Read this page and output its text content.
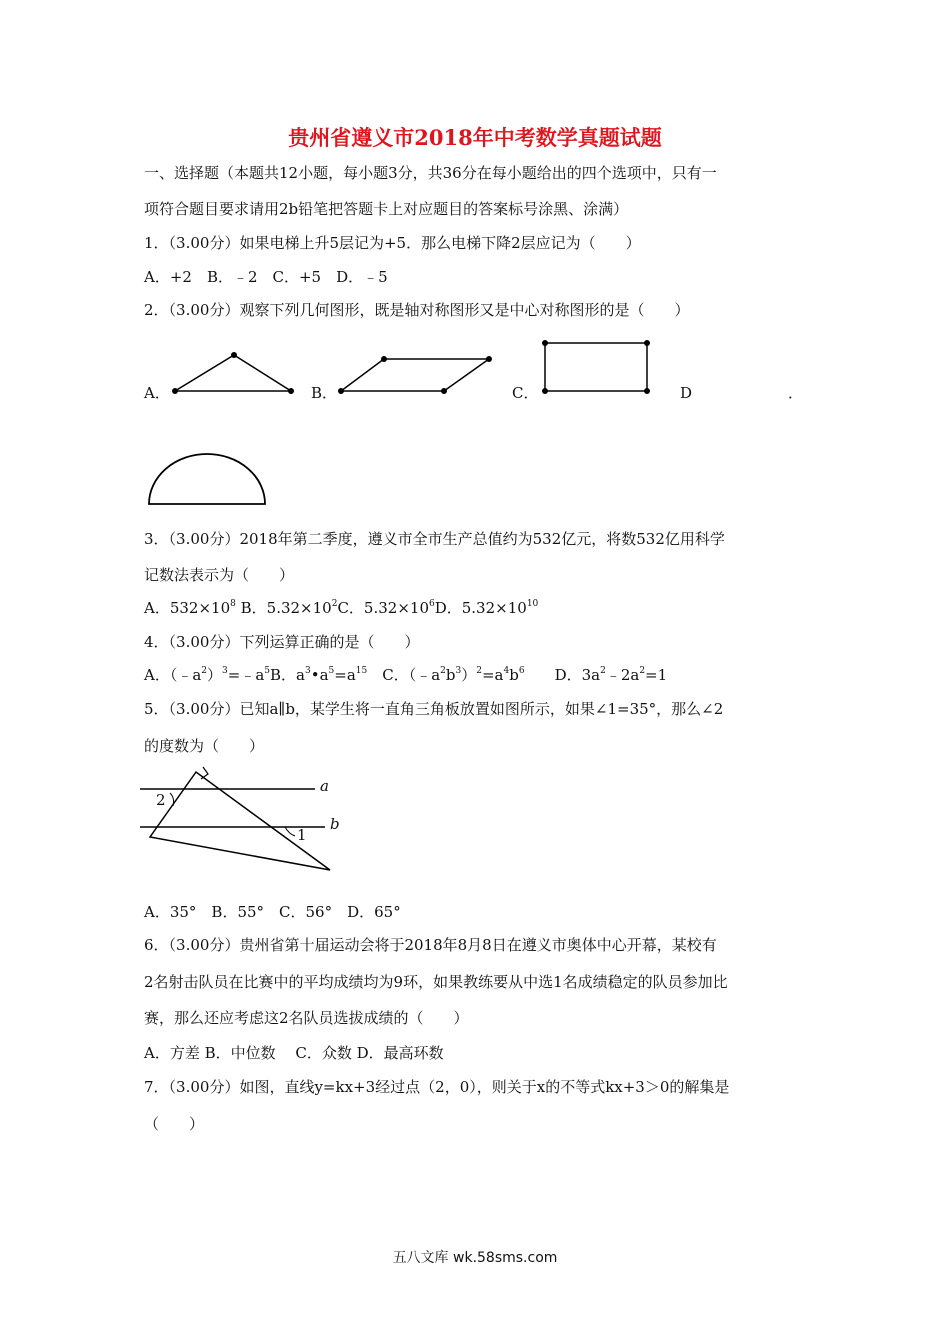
贵州省遵义市2018年中考数学真题试题
一、选择题（本题共12小题，每小题3分，共36分在每小题给出的四个选项中，只有一
项符合题目要求请用2b铅笔把答题卡上对应题目的答案标号涂黑、涂满）
1．（3.00分）如果电梯上升5层记为+5．那么电梯下降2层应记为（　　）
A．+2　B．﹣2　C．+5　D．﹣5
2．（3.00分）观察下列几何图形，既是轴对称图形又是中心对称图形的是（　　）
A．	B．	C．	D	．
3．（3.00分）2018年第二季度，遵义市全市生产总值约为532亿元，将数532亿用科学
记数法表示为（　　）
A．$532\times 10^8$ B．$5.32\times 10^2C$．$5.32\times 10^6D$．$5.32\times 10^{10}$
4．（3.00分）下列运算正确的是（　　）
A．$(﹣a^2)^3=﹣a^5B$．$a^3•a^5=a^{15}$　C．$(﹣a^2b^3)^2=a^4b^6$　　D．$3a^2﹣2a^2=1$
5．（3.00分）已知a∥b，某学生将一直角三角板放置如图所示，如果∠1=35°，那么∠2
的度数为（　　）
a
b
1
2
A．35°　B．55°　C．56°　D．65°
6．（3.00分）贵州省第十届运动会将于2018年8月8日在遵义市奥体中心开幕，某校有
2名射击队员在比赛中的平均成绩均为9环，如果教练要从中选1名成绩稳定的队员参加比
赛，那么还应考虑这2名队员选拔成绩的（　　）
A．方差 B．中位数　 C．众数 D．最高环数
7．（3.00分）如图，直线y=kx+3经过点（2，0），则关于x的不等式kx+3＞0的解集是
（　　）
五八文库 wk.58sms.com
